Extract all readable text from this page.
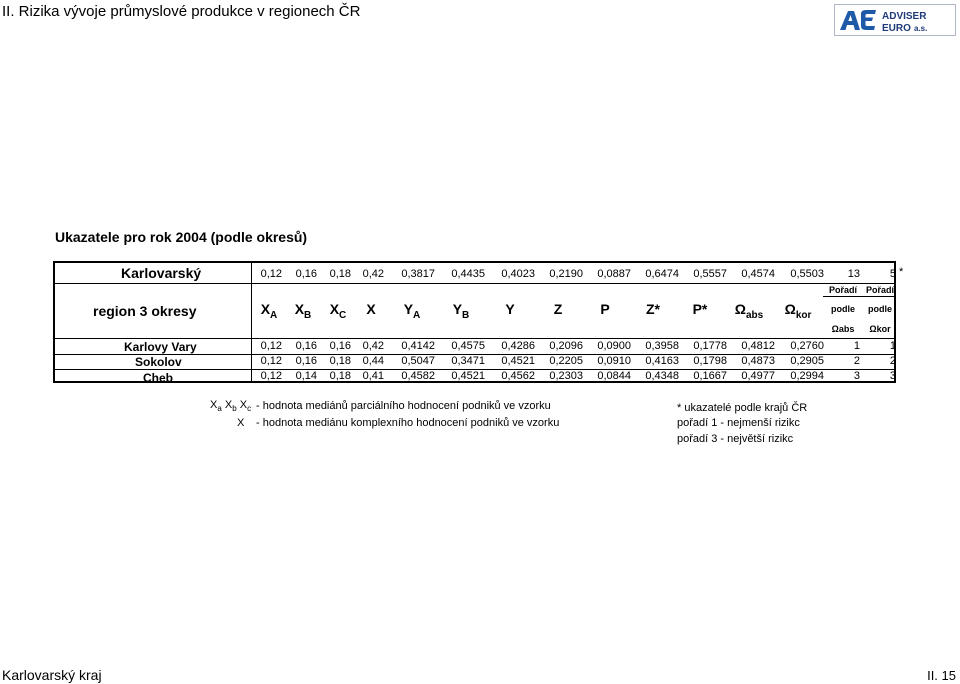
II. Rizika vývoje průmyslové produkce v regionech ČR	ADVISER
EURO a.s.
Ukazatele pro rok 2004 (podle okresů)
Karlovarský	0,12 0,16 0,18 0,42 0,3817 0,4435 0,4023 0,2190 0,0887 0,6474 0,5557 0,4574 0,5503 13	5
region 3 okresy	$X_A$	$X_B$	$X_C$	X	$Y_A$	$Y_B$	Y	Z	P	Z*	P*	$\Omega_{abs}$	$\Omega_{kor}$
Pořadí
podle
Ωabs
Pořadí
podle
Ωkor
Karlovy Vary	0,12 0,16 0,16 0,42 0,4142 0,4575 0,4286 0,2096 0,0900 0,3958 0,1778 0,4812 0,2760	1	1
Sokolov	0,12 0,16 0,18 0,44 0,5047 0,3471 0,4521 0,2205 0,0910 0,4163 0,1798 0,4873 0,2905	2	2
Cheb	0,12 0,14 0,18 0,41 0,4582 0,4521 0,4562 0,2303 0,0844 0,4348 0,1667 0,4977 0,2994	3	3
*
$X_a$ $X_b$ $X_c$ - hodnota mediánů parciálního hodnocení podniků ve vzorku
X - hodnota mediánu komplexního hodnocení podniků ve vzorku
* ukazatelé podle krajů ČR
pořadí 1 - nejmenší rizikc
pořadí 3 - největší rizikc
Karlovarský kraj	II. 15
